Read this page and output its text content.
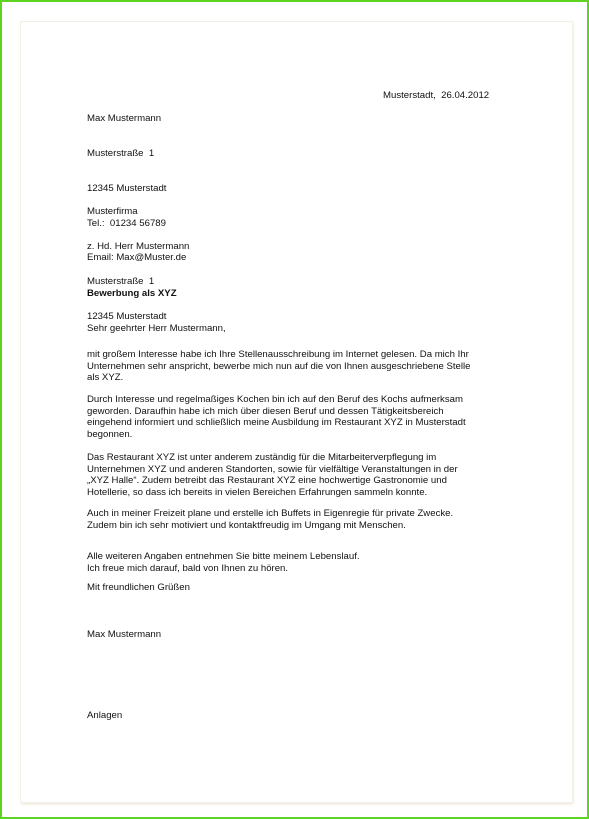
Max Mustermann

Musterstraße  1

12345 Musterstadt

Tel.:  01234 56789

Email: Max@Muster.de

Musterstadt,  26.04.2012

Musterfirma

z. Hd. Herr Mustermann

Musterstraße  1

12345 Musterstadt

Bewerbung als XYZ
Sehr geehrter Herr Mustermann,
mit großem Interesse habe ich Ihre Stellenausschreibung im Internet gelesen. Da mich Ihr
Unternehmen sehr anspricht, bewerbe mich nun auf die von Ihnen ausgeschriebene Stelle
als XYZ.
Durch Interesse und regelmaßiges Kochen bin ich auf den Beruf des Kochs aufmerksam
geworden. Daraufhin habe ich mich über diesen Beruf und dessen Tätigkeitsbereich
eingehend informiert und schließlich meine Ausbildung im Restaurant XYZ in Musterstadt
begonnen.
Das Restaurant XYZ ist unter anderem zuständig für die Mitarbeiterverpflegung im
Unternehmen XYZ und anderen Standorten, sowie für vielfältige Veranstaltungen in der
„XYZ Halle“. Zudem betreibt das Restaurant XYZ eine hochwertige Gastronomie und
Hotellerie, so dass ich bereits in vielen Bereichen Erfahrungen sammeln konnte.
Auch in meiner Freizeit plane und erstelle ich Buffets in Eigenregie für private Zwecke.
Zudem bin ich sehr motiviert und kontaktfreudig im Umgang mit Menschen.
Alle weiteren Angaben entnehmen Sie bitte meinem Lebenslauf.
Ich freue mich darauf, bald von Ihnen zu hören.
Mit freundlichen Grüßen
Max Mustermann
Anlagen
